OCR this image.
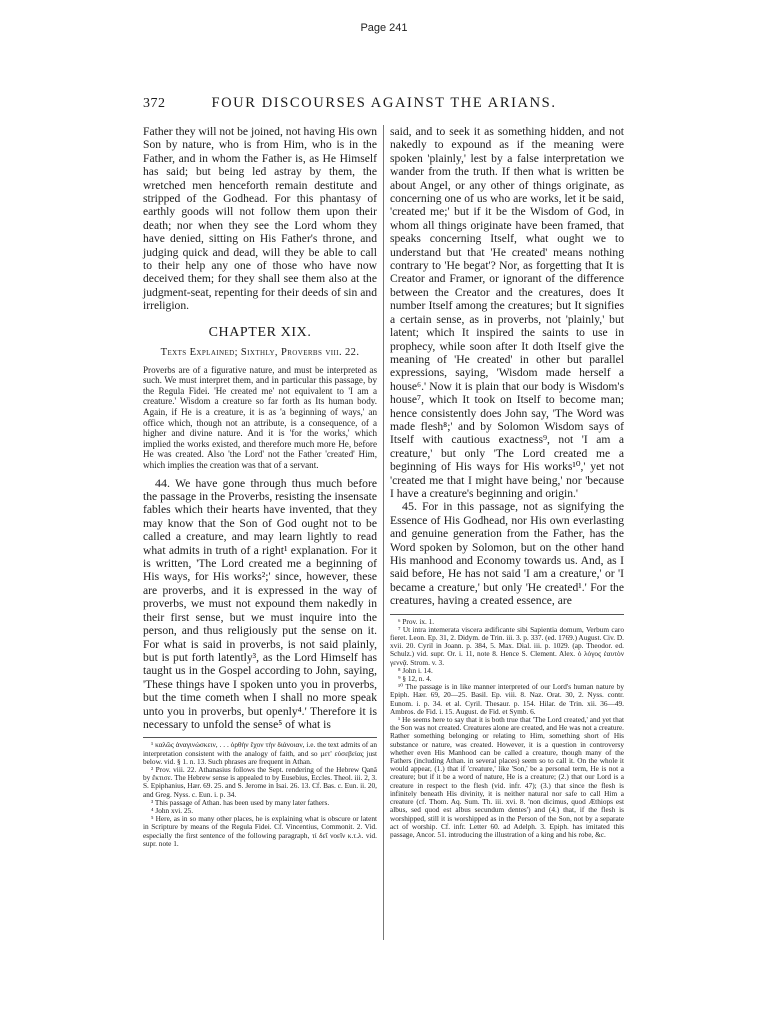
Page 241
372	FOUR DISCOURSES AGAINST THE ARIANS.

Father they will not be joined, not having His own Son by nature, who is from Him, who is in the Father, and in whom the Father is, as He Himself has said; but being led astray by them, the wretched men henceforth remain destitute and stripped of the Godhead. For this phantasy of earthly goods will not follow them upon their death; nor when they see the Lord whom they have denied, sitting on His Father's throne, and judging quick and dead, will they be able to call to their help any one of those who have now deceived them; for they shall see them also at the judgment-seat, repenting for their deeds of sin and irreligion.

CHAPTER XIX.
Texts Explained; Sixthly, Proverbs viii. 22.

Proverbs are of a figurative nature, and must be interpreted as such. We must interpret them, and in particular this passage, by the Regula Fidei. 'He created me' not equivalent to 'I am a creature.' Wisdom a creature so far forth as Its human body. Again, if He is a creature, it is as 'a beginning of ways,' an office which, though not an attribute, is a consequence, of a higher and divine nature. And it is 'for the works,' which implied the works existed, and therefore much more He, before He was created. Also 'the Lord' not the Father 'created' Him, which implies the creation was that of a servant.

44. We have gone through thus much before the passage in the Proverbs, resisting the insensate fables which their hearts have invented, that they may know that the Son of God ought not to be called a creature, and may learn lightly to read what admits in truth of a right¹ explanation. For it is written, 'The Lord created me a beginning of His ways, for His works²;' since, however, these are proverbs, and it is expressed in the way of proverbs, we must not expound them nakedly in their first sense, but we must inquire into the person, and thus religiously put the sense on it. For what is said in proverbs, is not said plainly, but is put forth latently³, as the Lord Himself has taught us in the Gospel according to John, saying, 'These things have I spoken unto you in proverbs, but the time cometh when I shall no more speak unto you in proverbs, but openly⁴.' Therefore it is necessary to unfold the sense⁵ of what is

¹ καλῶς ἀναγινώσκειν, . . . ὀρθὴν ἔχον τὴν διάνοιαν, i.e. the text admits of an interpretation consistent with the analogy of faith, and so μετ' εὐσεβείας just below. vid. § 1. n. 13. Such phrases are frequent in Athan.

² Prov. viii. 22. Athanasius follows the Sept. rendering of the Hebrew Qanâ by ἔκτισε. The Hebrew sense is appealed to by Eusebius, Eccles. Theol. iii. 2, 3. S. Epiphanius, Hær. 69. 25. and S. Jerome in Isai. 26. 13. Cf. Bas. c. Eun. ii. 20, and Greg. Nyss. c. Eun. i. p. 34.

³ This passage of Athan. has been used by many later fathers.

⁴ John xvi. 25.

⁵ Here, as in so many other places, he is explaining what is obscure or latent in Scripture by means of the Regula Fidei. Cf. Vincentius, Commonit. 2. Vid. especially the first sentence of the following paragraph, τί δεῖ νοεῖν κ.τ.λ. vid. supr. note 1.

said, and to seek it as something hidden, and not nakedly to expound as if the meaning were spoken 'plainly,' lest by a false interpretation we wander from the truth. If then what is written be about Angel, or any other of things originate, as concerning one of us who are works, let it be said, 'created me;' but if it be the Wisdom of God, in whom all things originate have been framed, that speaks concerning Itself, what ought we to understand but that 'He created' means nothing contrary to 'He begat'? Nor, as forgetting that It is Creator and Framer, or ignorant of the difference between the Creator and the creatures, does It number Itself among the creatures; but It signifies a certain sense, as in proverbs, not 'plainly,' but latent; which It inspired the saints to use in prophecy, while soon after It doth Itself give the meaning of 'He created' in other but parallel expressions, saying, 'Wisdom made herself a house⁶.' Now it is plain that our body is Wisdom's house⁷, which It took on Itself to become man; hence consistently does John say, 'The Word was made flesh⁸;' and by Solomon Wisdom says of Itself with cautious exactness⁹, not 'I am a creature,' but only 'The Lord created me a beginning of His ways for His works¹⁰,' yet not 'created me that I might have being,' nor 'because I have a creature's beginning and origin.'

45. For in this passage, not as signifying the Essence of His Godhead, nor His own everlasting and genuine generation from the Father, has the Word spoken by Solomon, but on the other hand His manhood and Economy towards us. And, as I said before, He has not said 'I am a creature,' or 'I became a creature,' but only 'He created¹.' For the creatures, having a created essence, are

⁶ Prov. ix. 1.

⁷ Ut intra intemerata viscera ædificante sibi Sapientia domum, Verbum caro fieret. Leon. Ep. 31, 2. Didym. de Trin. iii. 3. p. 337. (ed. 1769.) August. Civ. D. xvii. 20. Cyril in Joann. p. 384, 5. Max. Dial. iii. p. 1029. (ap. Theodor. ed. Schulz.) vid. supr. Or. i. 11, note 8. Hence S. Clement. Alex. ὁ λόγος ἑαυτὸν γεννᾷ. Strom. v. 3.

⁸ John i. 14.

⁹ § 12, n. 4.

¹⁰ The passage is in like manner interpreted of our Lord's human nature by Epiph. Hær. 69, 20—25. Basil. Ep. viii. 8. Naz. Orat. 30, 2. Nyss. contr. Eunom. i. p. 34. et al. Cyril. Thesaur. p. 154. Hilar. de Trin. xii. 36—49. Ambros. de Fid. i. 15. August. de Fid. et Symb. 6.

¹ He seems here to say that it is both true that 'The Lord created,' and yet that the Son was not created. Creatures alone are created, and He was not a creature. Rather something belonging or relating to Him, something short of His substance or nature, was created. However, it is a question in controversy whether even His Manhood can be called a creature, though many of the Fathers (including Athan. in several places) seem so to call it. On the whole it would appear, (1.) that if 'creature,' like 'Son,' be a personal term, He is not a creature; but if it be a word of nature, He is a creature; (2.) that our Lord is a creature in respect to the flesh (vid. infr. 47); (3.) that since the flesh is infinitely beneath His divinity, it is neither natural nor safe to call Him a creature (cf. Thom. Aq. Sum. Th. iii. xvi. 8. 'non dicimus, quod Æthiops est albus, sed quod est albus secundum dentes') and (4.) that, if the flesh is worshipped, still it is worshipped as in the Person of the Son, not by a separate act of worship. Cf. infr. Letter 60. ad Adelph. 3. Epiph. has imitated this passage, Ancor. 51. introducing the illustration of a king and his robe, &c.
